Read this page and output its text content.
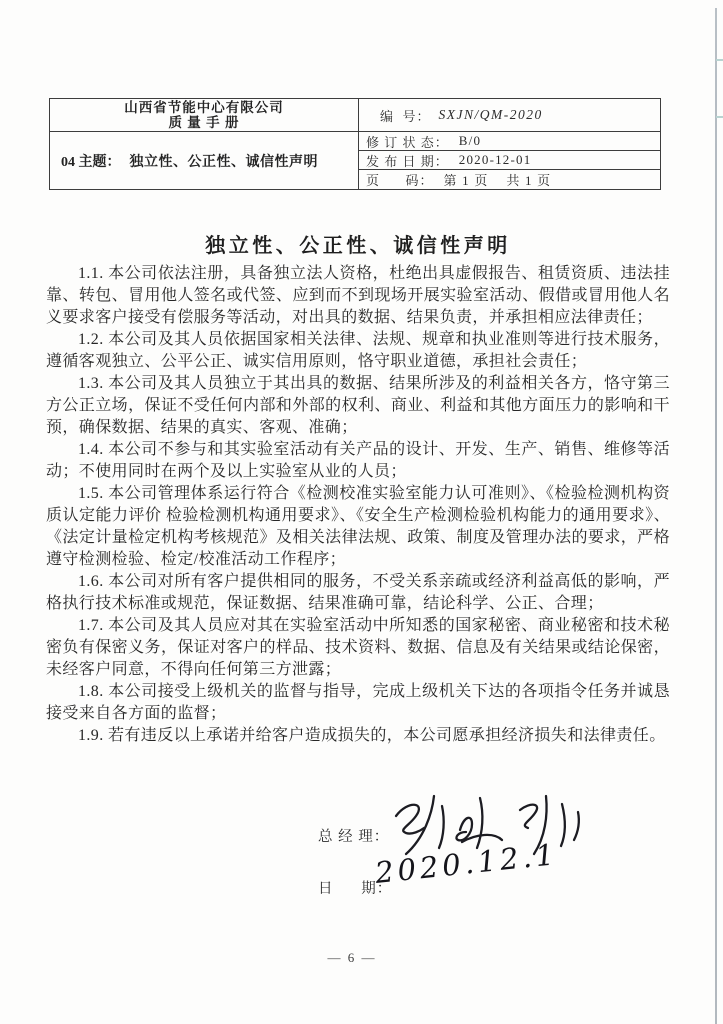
山西省节能中心有限公司
质 量 手 册
04 主题： 独立性、公正性、诚信性声明
编  号： SXJN/QM-2020
修 订 状 态： B/0
发 布 日 期： 2020-12-01
页      码： 第 1 页    共 1 页
独立性、公正性、诚信性声明

1.1. 本公司依法注册，具备独立法人资格，杜绝出具虚假报告、租赁资质、违法挂靠、转包、冒用他人签名或代签、应到而不到现场开展实验室活动、假借或冒用他人名义要求客户接受有偿服务等活动，对出具的数据、结果负责，并承担相应法律责任；

1.2. 本公司及其人员依据国家相关法律、法规、规章和执业准则等进行技术服务，遵循客观独立、公平公正、诚实信用原则，恪守职业道德，承担社会责任；

1.3. 本公司及其人员独立于其出具的数据、结果所涉及的利益相关各方，恪守第三方公正立场，保证不受任何内部和外部的权利、商业、利益和其他方面压力的影响和干预，确保数据、结果的真实、客观、准确；

1.4. 本公司不参与和其实验室活动有关产品的设计、开发、生产、销售、维修等活动；不使用同时在两个及以上实验室从业的人员；

1.5. 本公司管理体系运行符合《检测校准实验室能力认可准则》、《检验检测机构资质认定能力评价 检验检测机构通用要求》、《安全生产检测检验机构能力的通用要求》、《法定计量检定机构考核规范》及相关法律法规、政策、制度及管理办法的要求，严格遵守检测检验、检定/校准活动工作程序；

1.6. 本公司对所有客户提供相同的服务，不受关系亲疏或经济利益高低的影响，严格执行技术标准或规范，保证数据、结果准确可靠，结论科学、公正、合理；

1.7. 本公司及其人员应对其在实验室活动中所知悉的国家秘密、商业秘密和技术秘密负有保密义务，保证对客户的样品、技术资料、数据、信息及有关结果或结论保密，未经客户同意，不得向任何第三方泄露；

1.8. 本公司接受上级机关的监督与指导，完成上级机关下达的各项指令任务并诚恳接受来自各方面的监督；

1.9. 若有违反以上承诺并给客户造成损失的，本公司愿承担经济损失和法律责任。

总 经 理：
日      期：
2020.12.1
— 6 —
